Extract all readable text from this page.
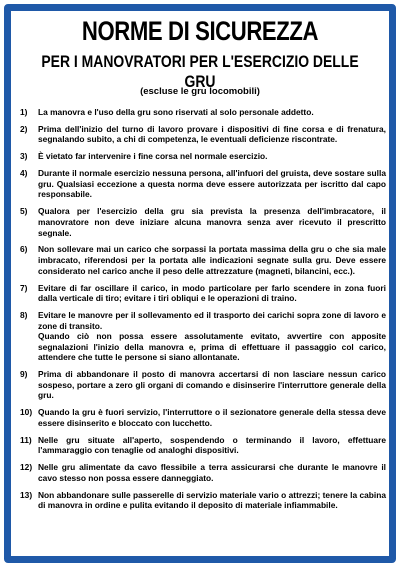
NORME DI SICUREZZA
PER I MANOVRATORI PER L'ESERCIZIO DELLE GRU
(escluse le gru locomobili)
1) La manovra e l'uso della gru sono riservati al solo personale addetto.

2) Prima dell'inizio del turno di lavoro provare i dispositivi di fine corsa e di frenatura, segnalando subito, a chi di competenza, le eventuali deficienze riscontrate.

3) È vietato far intervenire i fine corsa nel normale esercizio.

4) Durante il normale esercizio nessuna persona, all'infuori del gruista, deve sostare sulla gru. Qualsiasi eccezione a questa norma deve essere autorizzata per iscritto dal capo responsabile.

5) Qualora per l'esercizio della gru sia prevista la presenza dell'imbracatore, il manovratore non deve iniziare alcuna manovra senza aver ricevuto il prescritto segnale.

6) Non sollevare mai un carico che sorpassi la portata massima della gru o che sia male imbracato, riferendosi per la portata alle indicazioni segnate sulla gru. Deve essere considerato nel carico anche il peso delle attrezzature (magneti, bilancini, ecc.).

7) Evitare di far oscillare il carico, in modo particolare per farlo scendere in zona fuori dalla verticale di tiro; evitare i tiri obliqui e le operazioni di traino.

8) Evitare le manovre per il sollevamento ed il trasporto dei carichi sopra zone di lavoro e zone di transito.

Quando ciò non possa essere assolutamente evitato, avvertire con apposite segnalazioni l'inizio della manovra e, prima di effettuare il passaggio col carico, attendere che tutte le persone si siano allontanate.

9) Prima di abbandonare il posto di manovra accertarsi di non lasciare nessun carico sospeso, portare a zero gli organi di comando e disinserire l'interruttore generale della gru.

10) Quando la gru è fuori servizio, l'interruttore o il sezionatore generale della stessa deve essere disinserito e bloccato con lucchetto.

11) Nelle gru situate all'aperto, sospendendo o terminando il lavoro, effettuare l'ammaraggio con tenaglie od analoghi dispositivi.

12) Nelle gru alimentate da cavo flessibile a terra assicurarsi che durante le manovre il cavo stesso non possa essere danneggiato.

13) Non abbandonare sulle passerelle di servizio materiale vario o attrezzi; tenere la cabina di manovra in ordine e pulita evitando il deposito di materiale infiammabile.
